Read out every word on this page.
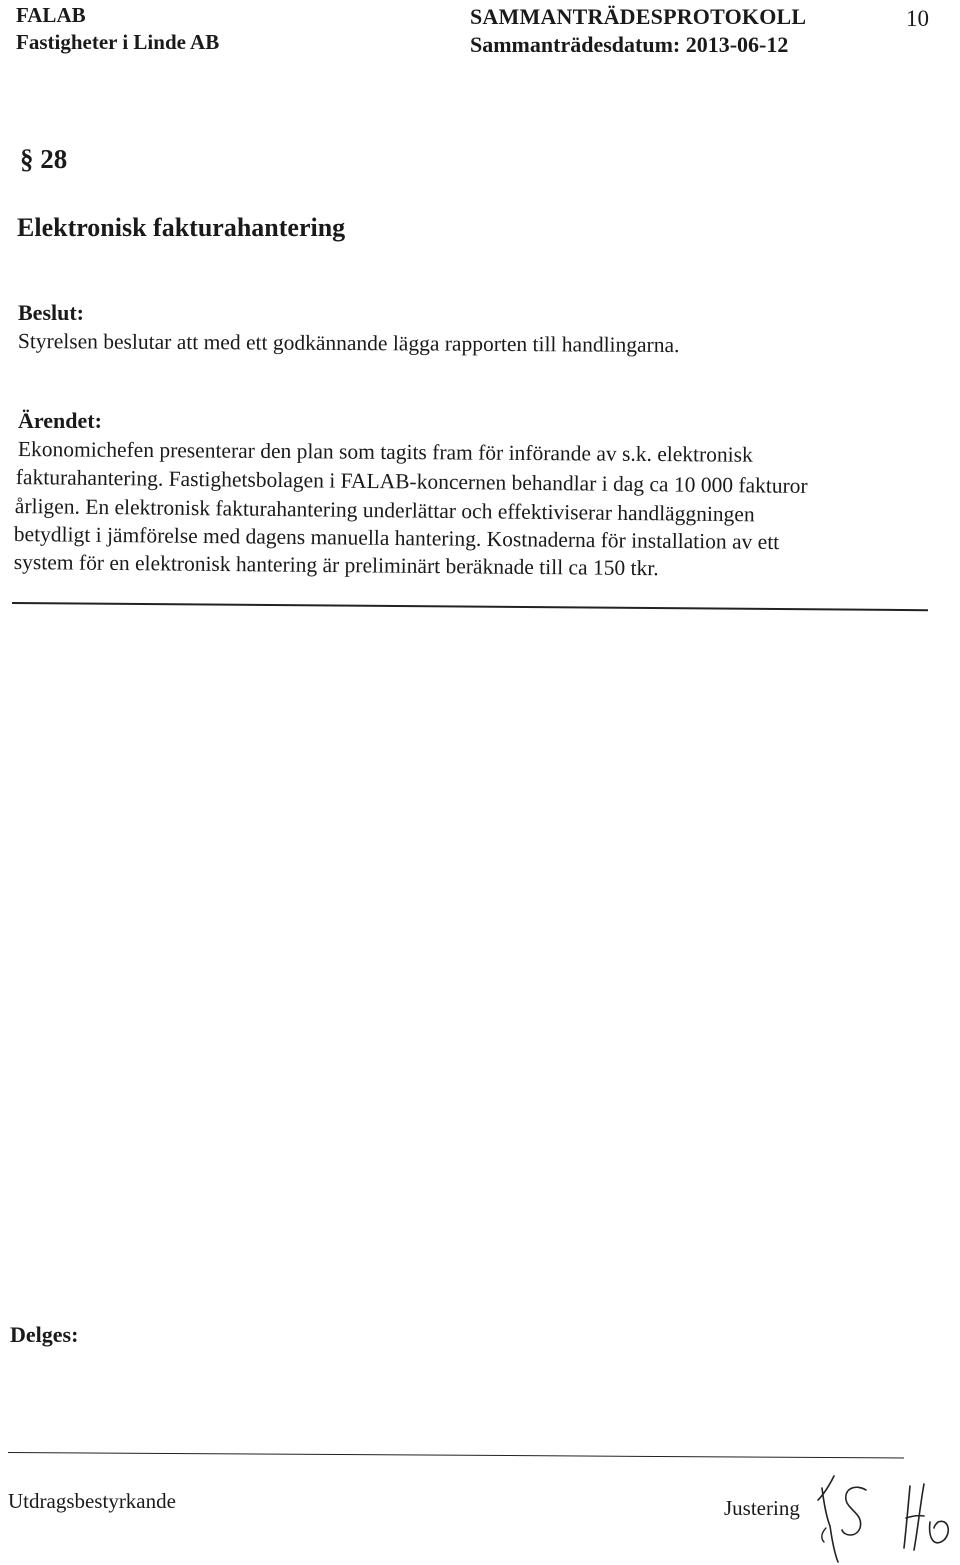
FALAB
Fastigheter i Linde AB
SAMMANTRÄDESPROTOKOLL
Sammanträdesdatum: 2013-06-12
10
§ 28
Elektronisk fakturahantering
Beslut:
Styrelsen beslutar att med ett godkännande lägga rapporten till handlingarna.
Ärendet:
Ekonomichefen presenterar den plan som tagits fram för införande av s.k. elektronisk
fakturahantering. Fastighetsbolagen i FALAB-koncernen behandlar i dag ca 10 000 fakturor
årligen. En elektronisk fakturahantering underlättar och effektiviserar handläggningen
betydligt i jämförelse med dagens manuella hantering. Kostnaderna för installation av ett
system för en elektronisk hantering är preliminärt beräknade till ca 150 tkr.
Delges:
Utdragsbestyrkande	Justering
